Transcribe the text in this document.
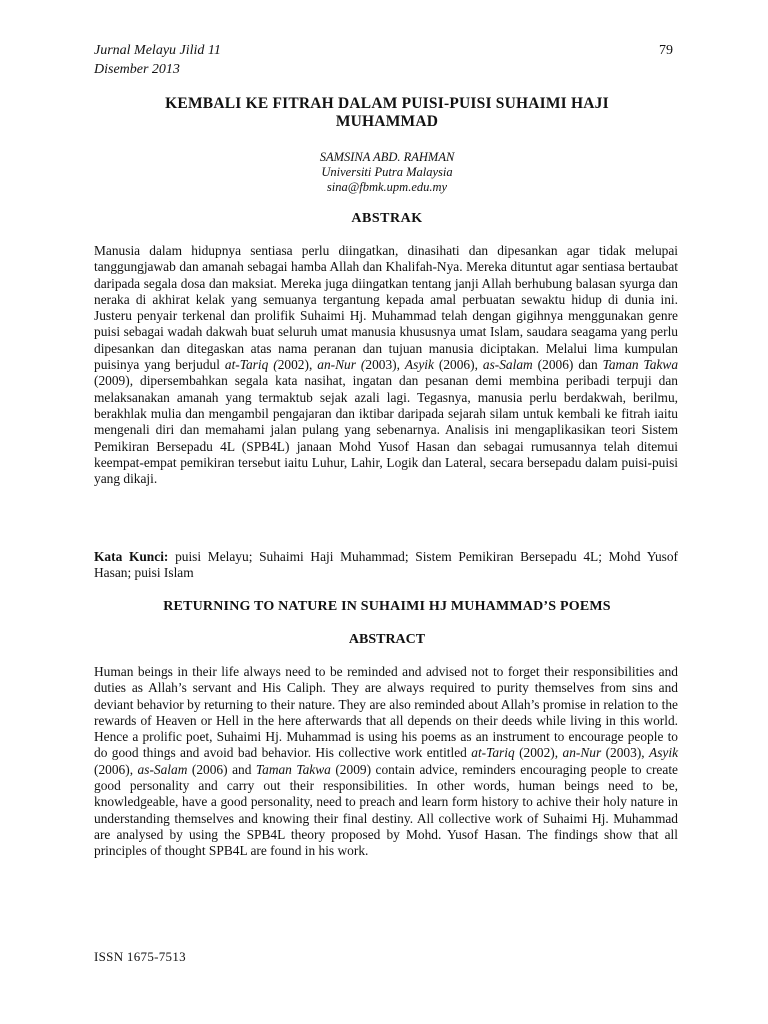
Jurnal Melayu Jilid 11
Disember 2013
79
KEMBALI KE FITRAH DALAM PUISI-PUISI SUHAIMI HAJI
MUHAMMAD
SAMSINA ABD. RAHMAN
Universiti Putra Malaysia
sina@fbmk.upm.edu.my
ABSTRAK

Manusia dalam hidupnya sentiasa perlu diingatkan, dinasihati dan dipesankan agar tidak melupai tanggungjawab dan amanah sebagai hamba Allah dan Khalifah-Nya. Mereka dituntut agar sentiasa bertaubat daripada segala dosa dan maksiat. Mereka juga diingatkan tentang janji Allah berhubung balasan syurga dan neraka di akhirat kelak yang semuanya tergantung kepada amal perbuatan sewaktu hidup di dunia ini. Justeru penyair terkenal dan prolifik Suhaimi Hj. Muhammad telah dengan gigihnya menggunakan genre puisi sebagai wadah dakwah buat seluruh umat manusia khususnya umat Islam, saudara seagama yang perlu dipesankan dan ditegaskan atas nama peranan dan tujuan manusia diciptakan. Melalui lima kumpulan puisinya yang berjudul at-Tariq (2002), an-Nur (2003), Asyik (2006), as-Salam (2006) dan Taman Takwa (2009), dipersembahkan segala kata nasihat, ingatan dan pesanan demi membina peribadi terpuji dan melaksanakan amanah yang termaktub sejak azali lagi. Tegasnya, manusia perlu berdakwah, berilmu, berakhlak mulia dan mengambil pengajaran dan iktibar daripada sejarah silam untuk kembali ke fitrah iaitu mengenali diri dan memahami jalan pulang yang sebenarnya. Analisis ini mengaplikasikan teori Sistem Pemikiran Bersepadu 4L (SPB4L) janaan Mohd Yusof Hasan dan sebagai rumusannya telah ditemui keempat-empat pemikiran tersebut iaitu Luhur, Lahir, Logik dan Lateral, secara bersepadu dalam puisi-puisi yang dikaji.

Kata Kunci: puisi Melayu; Suhaimi Haji Muhammad; Sistem Pemikiran Bersepadu 4L; Mohd Yusof Hasan; puisi Islam

RETURNING TO NATURE IN SUHAIMI HJ MUHAMMAD’S POEMS
ABSTRACT

Human beings in their life always need to be reminded and advised not to forget their responsibilities and duties as Allah’s servant and His Caliph. They are always required to purity themselves from sins and deviant behavior by returning to their nature. They are also reminded about Allah’s promise in relation to the rewards of Heaven or Hell in the here afterwards that all depends on their deeds while living in this world. Hence a prolific poet, Suhaimi Hj. Muhammad is using his poems as an instrument to encourage people to do good things and avoid bad behavior. His collective work entitled at-Tariq (2002), an-Nur (2003), Asyik (2006), as-Salam (2006) and Taman Takwa (2009) contain advice, reminders encouraging people to create good personality and carry out their responsibilities. In other words, human beings need to be, knowledgeable, have a good personality, need to preach and learn form history to achive their holy nature in understanding themselves and knowing their final destiny. All collective work of Suhaimi Hj. Muhammad are analysed by using the SPB4L theory proposed by Mohd. Yusof Hasan. The findings show that all principles of thought SPB4L are found in his work.

ISSN 1675-7513
